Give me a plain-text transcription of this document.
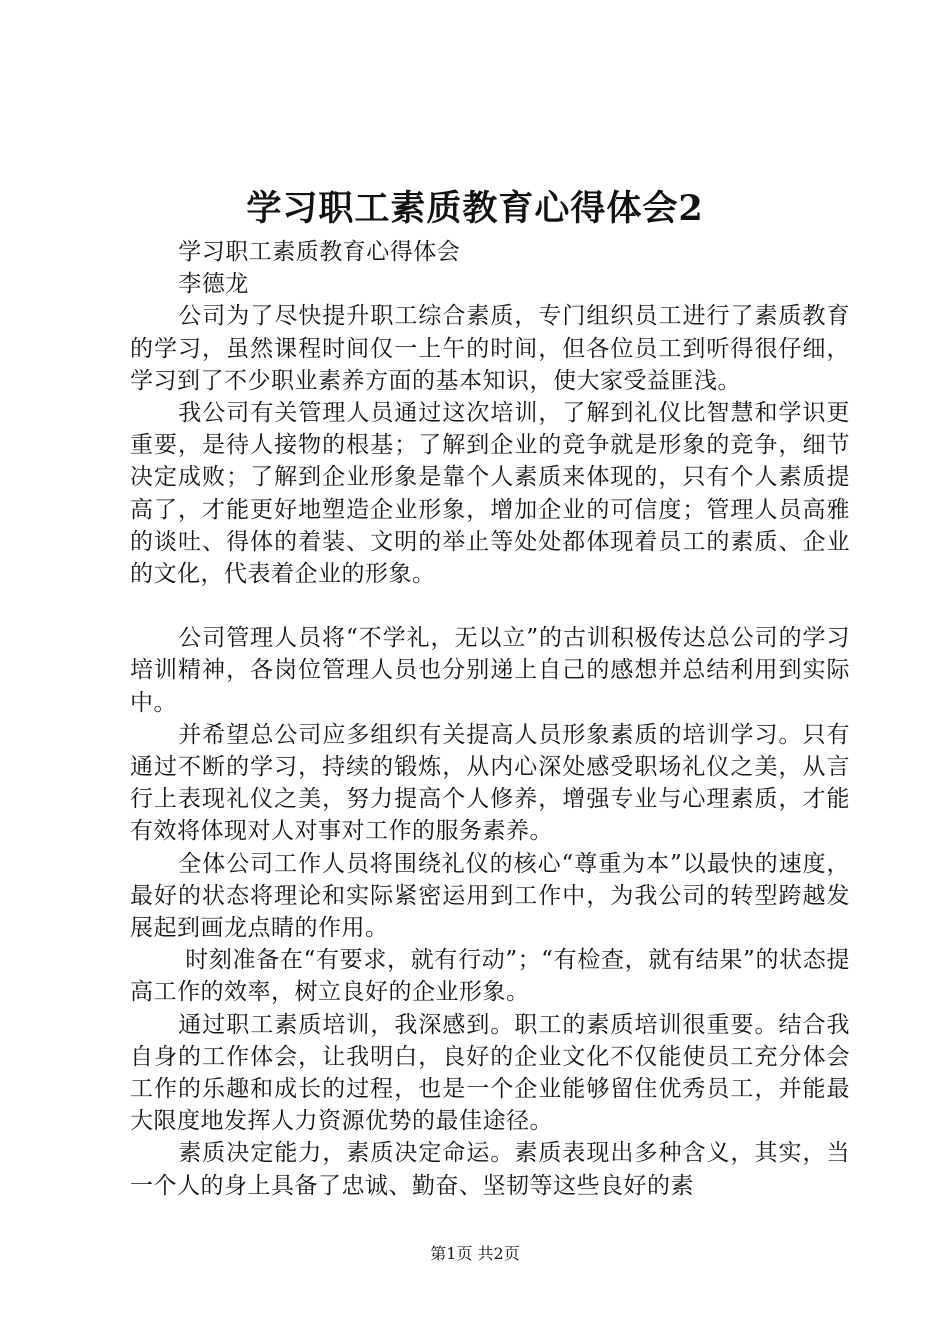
学习职工素质教育心得体会2

学习职工素质教育心得体会

李德龙

公司为了尽快提升职工综合素质，专门组织员工进行了素质教育的学习，虽然课程时间仅一上午的时间，但各位员工到听得很仔细，学习到了不少职业素养方面的基本知识，使大家受益匪浅。

我公司有关管理人员通过这次培训，了解到礼仪比智慧和学识更重要，是待人接物的根基；了解到企业的竞争就是形象的竞争，细节决定成败；了解到企业形象是靠个人素质来体现的，只有个人素质提高了，才能更好地塑造企业形象，增加企业的可信度；管理人员高雅的谈吐、得体的着装、文明的举止等处处都体现着员工的素质、企业的文化，代表着企业的形象。

公司管理人员将“不学礼，无以立”的古训积极传达总公司的学习培训精神，各岗位管理人员也分别递上自己的感想并总结利用到实际中。

并希望总公司应多组织有关提高人员形象素质的培训学习。只有通过不断的学习，持续的锻炼，从内心深处感受职场礼仪之美，从言行上表现礼仪之美，努力提高个人修养，增强专业与心理素质，才能有效将体现对人对事对工作的服务素养。

全体公司工作人员将围绕礼仪的核心“尊重为本”以最快的速度，最好的状态将理论和实际紧密运用到工作中，为我公司的转型跨越发展起到画龙点睛的作用。

时刻准备在“有要求，就有行动”；“有检查，就有结果”的状态提高工作的效率，树立良好的企业形象。

通过职工素质培训，我深感到。职工的素质培训很重要。结合我自身的工作体会，让我明白，良好的企业文化不仅能使员工充分体会工作的乐趣和成长的过程，也是一个企业能够留住优秀员工，并能最大限度地发挥人力资源优势的最佳途径。

素质决定能力，素质决定命运。素质表现出多种含义，其实，当一个人的身上具备了忠诚、勤奋、坚韧等这些良好的素

第1页 共2页
